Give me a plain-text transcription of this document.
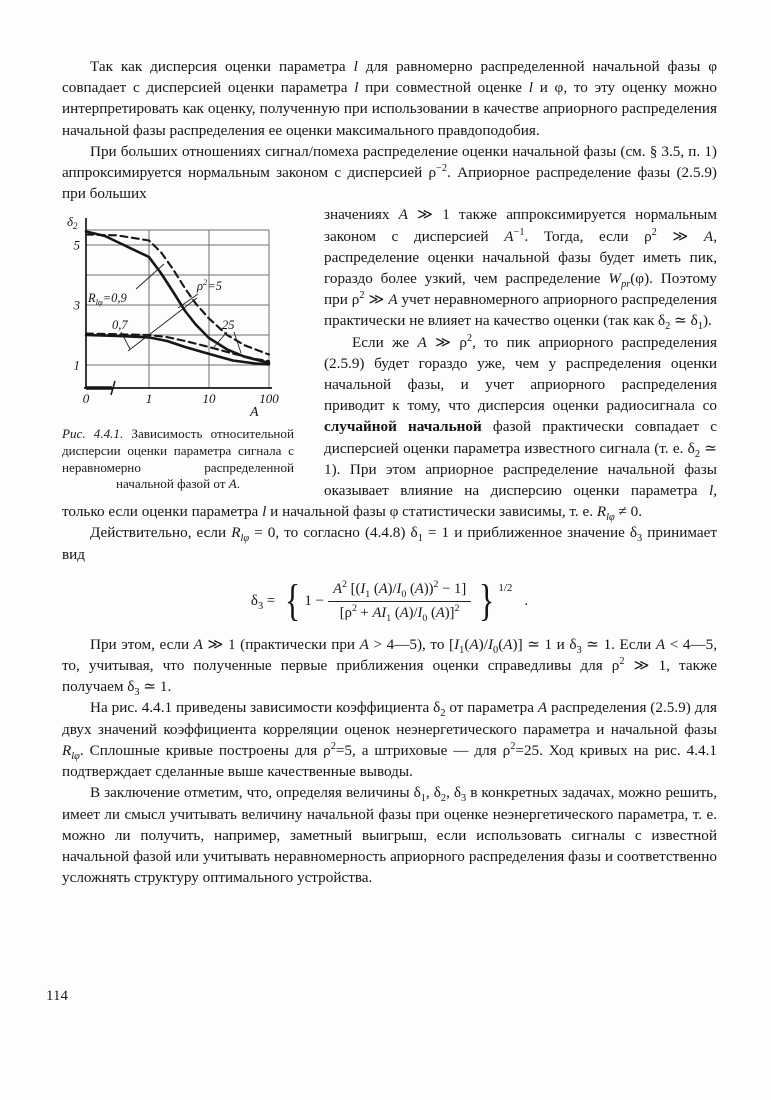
Так как дисперсия оценки параметра l для равномерно распределенной начальной фазы φ совпадает с дисперсией оценки параметра l при совместной оценке l и φ, то эту оценку можно интерпретировать как оценку, полученную при использовании в качестве априорного распределения начальной фазы распределения ее оценки максимального правдоподобия.

При больших отношениях сигнал/помеха распределение оценки начальной фазы (см. § 3.5, п. 1) аппроксимируется нормальным законом с дисперсией $\rho^{-2}$. Априорное распределение фазы (2.5.9) при больших

5
3
1
0	1	10	100
$\delta_2$
A
$R_{l\varphi}=0,9$
$\rho^2=5$
0,7	25
Рис. 4.4.1. Зависимость относительной дисперсии оценки параметра сигнала с неравномерно распределенной начальной фазой от А.

значениях A ≫ 1 также аппроксимируется нормальным законом с дисперсией $A^{-1}$. Тогда, если $\rho^2$ ≫ A, распределение оценки начальной фазы будет иметь пик, гораздо более узкий, чем распределение $W_{pr}(\varphi)$. Поэтому при $\rho^2$ ≫ A учет неравномерного априорного распределения практически не влияет на качество оценки (так как $\delta_2$ ≃ $\delta_1$).

Если же A ≫ $\rho^2$, то пик априорного распределения (2.5.9) будет гораздо уже, чем у распределения оценки начальной фазы, и учет априорного распределения приводит к тому, что дисперсия оценки радиосигнала со случайной начальной фазой практически совпадает с дисперсией оценки параметра известного сигнала (т. е. $\delta_2$ ≃ 1). При этом априорное распределение начальной фазы оказывает влияние на дисперсию оценки параметра l, только если оценки параметра l и начальной фазы φ статистически зависимы, т. е. $R_{l\varphi} \ne 0$.

Действительно, если $R_{l\varphi} = 0$, то согласно (4.4.8) $\delta_1 = 1$ и приближенное значение $\delta_3$ принимает вид

$\delta_3$ = { $1 - \frac{A^2 [(I_1 (A)/I_0 (A))^2 - 1]}{[\rho^2 + AI_1 (A)/I_0 (A)]^2}$ } 1/2
.

При этом, если A ≫ 1 (практически при A > 4—5), то $[I_1(A)/I_0(A)]$ ≃ 1 и $\delta_3$ ≃ 1. Если A < 4—5, то, учитывая, что полученные первые приближения оценки справедливы для $\rho^2$ ≫ 1, также получаем $\delta_3$ ≃ 1.

На рис. 4.4.1 приведены зависимости коэффициента $\delta_2$ от параметра A распределения (2.5.9) для двух значений коэффициента корреляции оценок неэнергетического параметра и начальной фазы $R_{l\varphi}$. Сплошные кривые построены для $\rho^2=5$, а штриховые — для $\rho^2=25$. Ход кривых на рис. 4.4.1 подтверждает сделанные выше качественные выводы.

В заключение отметим, что, определяя величины $\delta_1$, $\delta_2$, $\delta_3$ в конкретных задачах, можно решить, имеет ли смысл учитывать величину начальной фазы при оценке неэнергетического параметра, т. е. можно ли получить, например, заметный выигрыш, если использовать сигналы с известной начальной фазой или учитывать неравномерность априорного распределения фазы и соответственно усложнять структуру оптимального устройства.

114
